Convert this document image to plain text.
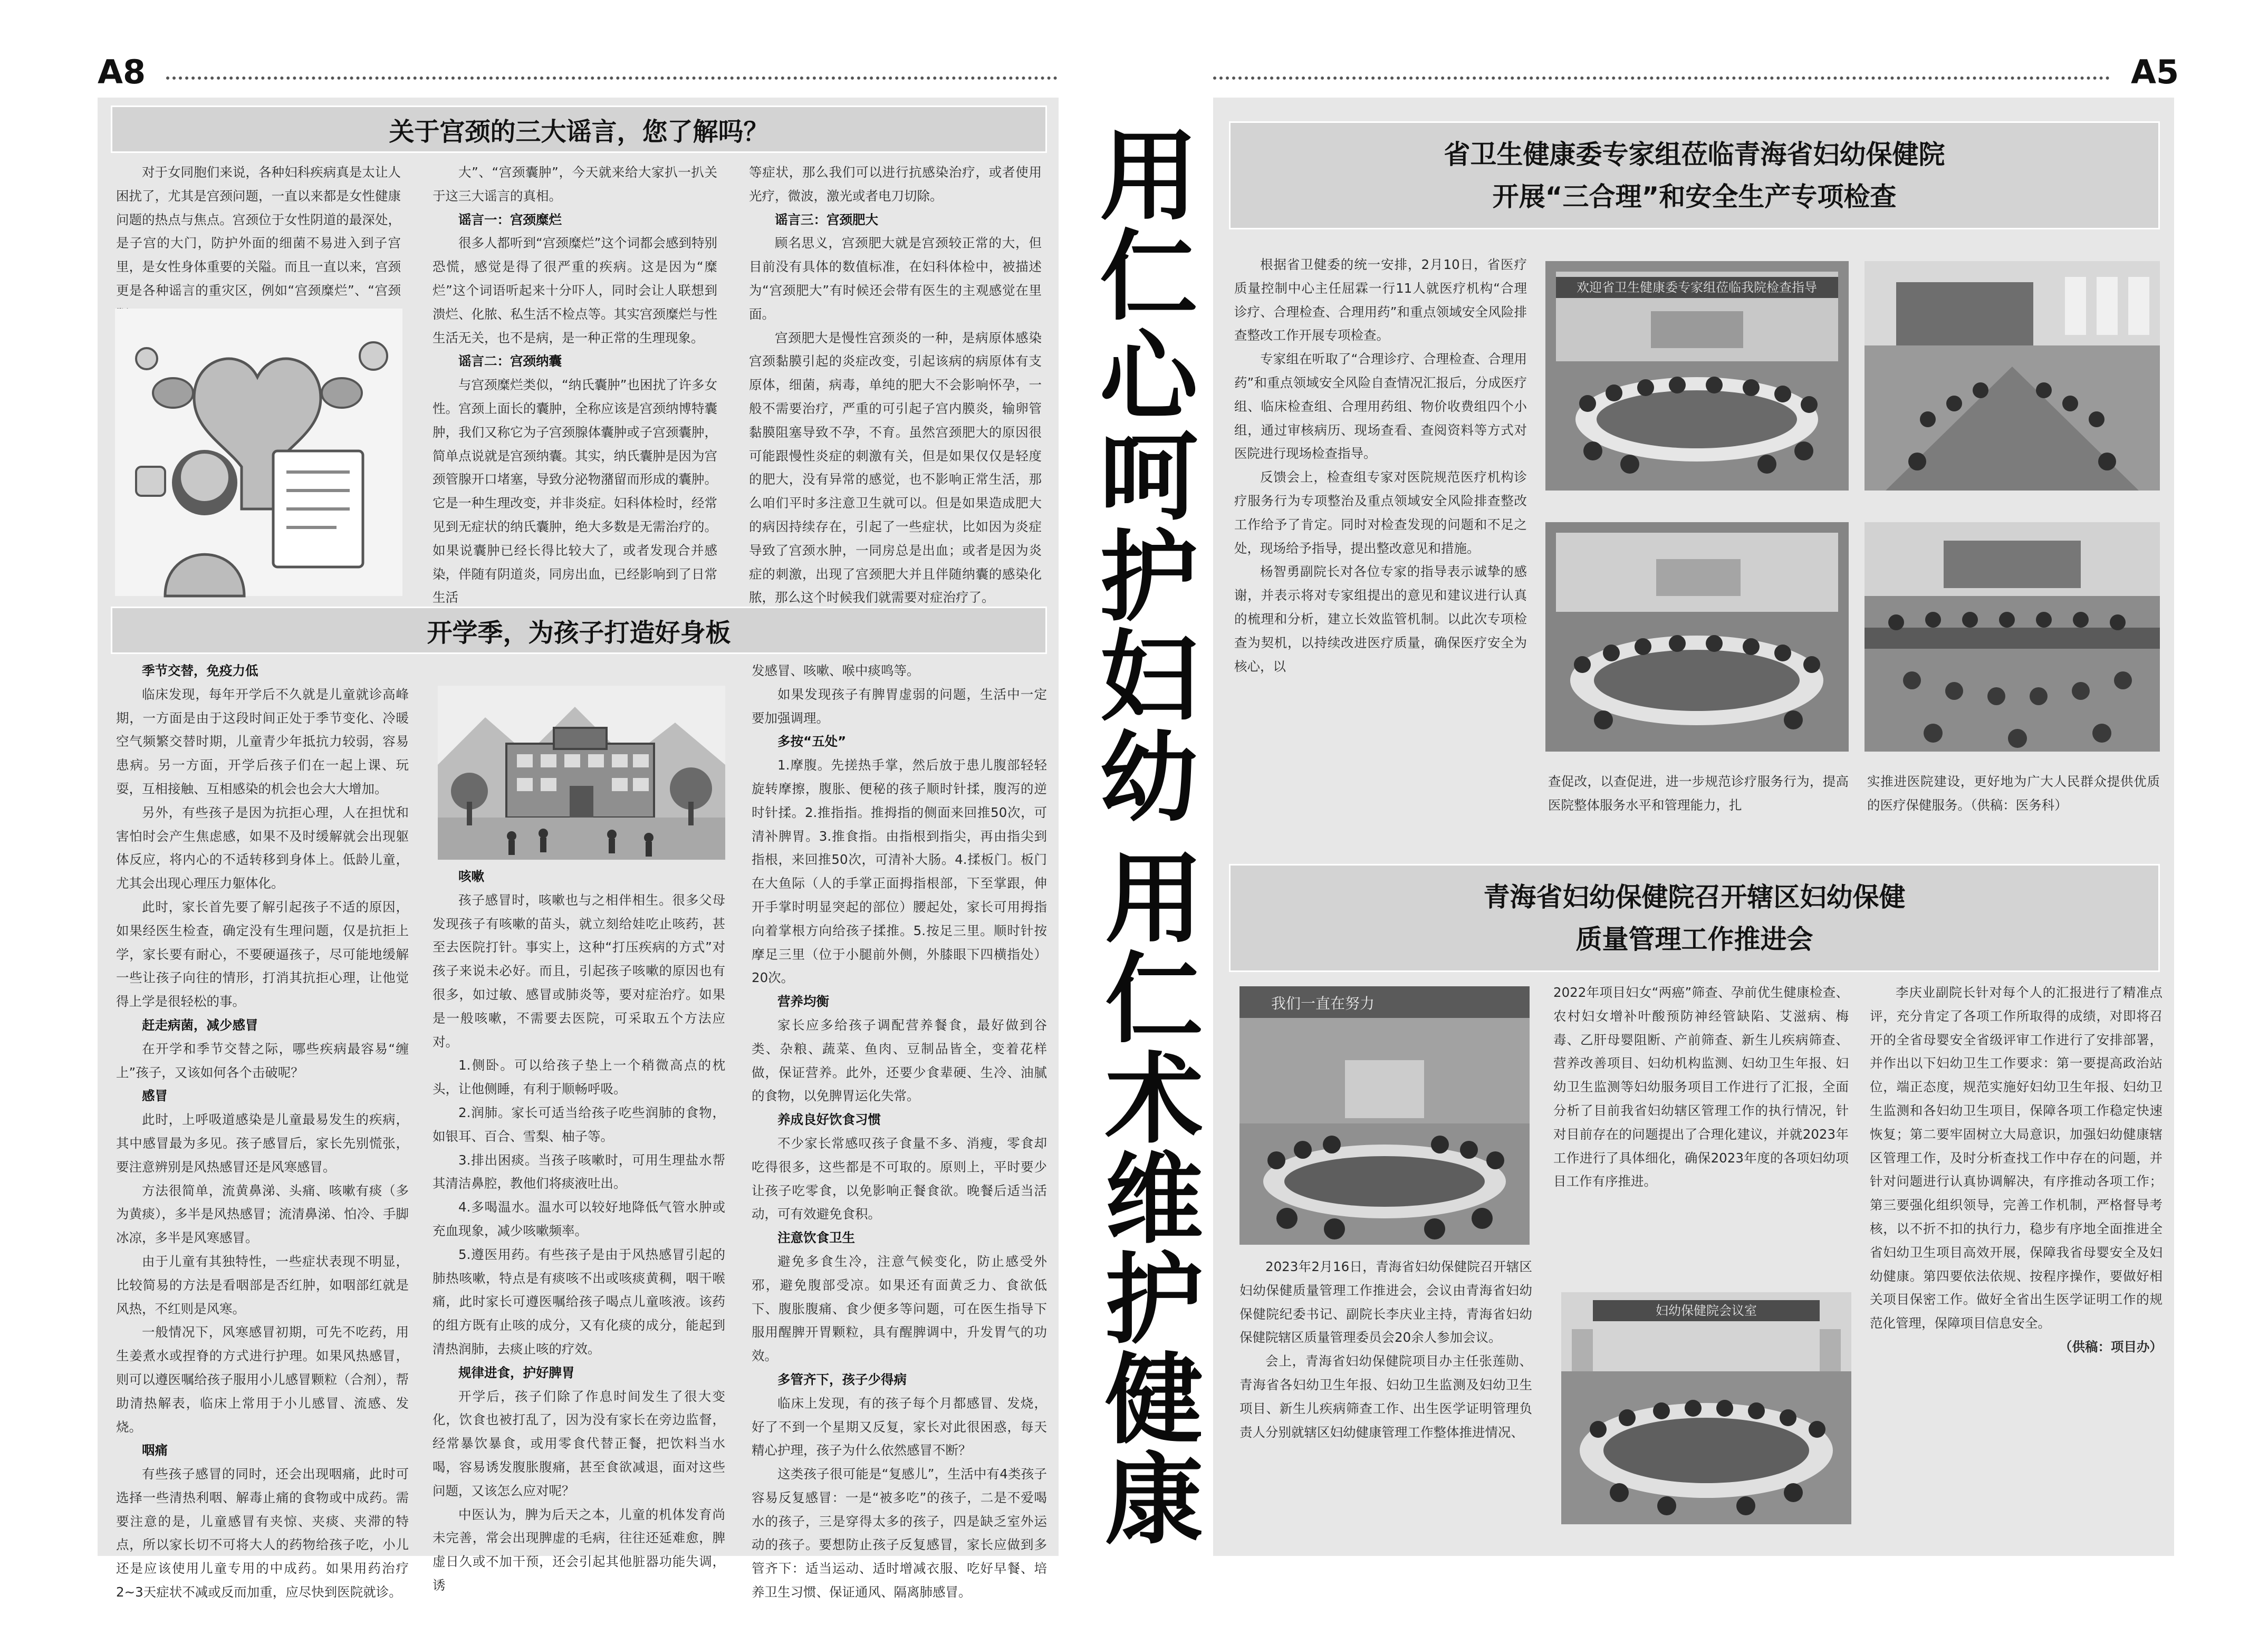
A8
关于宫颈的三大谣言，您了解吗？

对于女同胞们来说，各种妇科疾病真是太让人困扰了，尤其是宫颈问题，一直以来都是女性健康问题的热点与焦点。宫颈位于女性阴道的最深处，是子宫的大门，防护外面的细菌不易进入到子宫里，是女性身体重要的关隘。而且一直以来，宫颈更是各种谣言的重灾区，例如“宫颈糜烂”、“宫颈

大”、“宫颈囊肿”，今天就来给大家扒一扒关于这三大谣言的真相。

谣言一：宫颈糜烂

很多人都听到“宫颈糜烂”这个词都会感到特别恐慌，感觉是得了很严重的疾病。这是因为“糜烂”这个词语听起来十分吓人，同时会让人联想到溃烂、化脓、私生活不检点等。其实宫颈糜烂与性生活无关，也不是病，是一种正常的生理现象。

谣言二：宫颈纳囊

与宫颈糜烂类似，“纳氏囊肿”也困扰了许多女性。宫颈上面长的囊肿，全称应该是宫颈纳博特囊肿，我们又称它为子宫颈腺体囊肿或子宫颈囊肿，简单点说就是宫颈纳囊。其实，纳氏囊肿是因为宫颈管腺开口堵塞，导致分泌物潴留而形成的囊肿。它是一种生理改变，并非炎症。妇科体检时，经常见到无症状的纳氏囊肿，绝大多数是无需治疗的。如果说囊肿已经长得比较大了，或者发现合并感染，伴随有阴道炎，同房出血，已经影响到了日常生活

等症状，那么我们可以进行抗感染治疗，或者使用光疗，微波，激光或者电刀切除。

谣言三：宫颈肥大

顾名思义，宫颈肥大就是宫颈较正常的大，但目前没有具体的数值标准，在妇科体检中，被描述为“宫颈肥大”有时候还会带有医生的主观感觉在里面。

宫颈肥大是慢性宫颈炎的一种，是病原体感染宫颈黏膜引起的炎症改变，引起该病的病原体有支原体，细菌，病毒，单纯的肥大不会影响怀孕，一般不需要治疗，严重的可引起子宫内膜炎，输卵管黏膜阻塞导致不孕，不育。虽然宫颈肥大的原因很可能跟慢性炎症的刺激有关，但是如果仅仅是轻度的肥大，没有异常的感觉，也不影响正常生活，那么咱们平时多注意卫生就可以。但是如果造成肥大的病因持续存在，引起了一些症状，比如因为炎症导致了宫颈水肿，一同房总是出血；或者是因为炎症的刺激，出现了宫颈肥大并且伴随纳囊的感染化脓，那么这个时候我们就需要对症治疗了。

开学季，为孩子打造好身板

季节交替，免疫力低

临床发现，每年开学后不久就是儿童就诊高峰期，一方面是由于这段时间正处于季节变化、冷暖空气频繁交替时期，儿童青少年抵抗力较弱，容易患病。另一方面，开学后孩子们在一起上课、玩耍，互相接触、互相感染的机会也会大大增加。

另外，有些孩子是因为抗拒心理，人在担忧和害怕时会产生焦虑感，如果不及时缓解就会出现躯体反应，将内心的不适转移到身体上。低龄儿童，尤其会出现心理压力躯体化。

此时，家长首先要了解引起孩子不适的原因，如果经医生检查，确定没有生理问题，仅是抗拒上学，家长要有耐心，不要硬逼孩子，尽可能地缓解一些让孩子向往的情形，打消其抗拒心理，让他觉得上学是很轻松的事。

赶走病菌，减少感冒

在开学和季节交替之际，哪些疾病最容易“缠上”孩子，又该如何各个击破呢？

感冒

此时，上呼吸道感染是儿童最易发生的疾病，其中感冒最为多见。孩子感冒后，家长先别慌张，要注意辨别是风热感冒还是风寒感冒。

方法很简单，流黄鼻涕、头痛、咳嗽有痰（多为黄痰），多半是风热感冒；流清鼻涕、怕冷、手脚冰凉，多半是风寒感冒。

由于儿童有其独特性，一些症状表现不明显，比较简易的方法是看咽部是否红肿，如咽部红就是风热，不红则是风寒。

一般情况下，风寒感冒初期，可先不吃药，用生姜煮水或捏脊的方式进行护理。如果风热感冒，则可以遵医嘱给孩子服用小儿感冒颗粒（合剂），帮助清热解表，临床上常用于小儿感冒、流感、发烧。

咽痛

有些孩子感冒的同时，还会出现咽痛，此时可选择一些清热利咽、解毒止痛的食物或中成药。需要注意的是，儿童感冒有夹惊、夹痰、夹滞的特点，所以家长切不可将大人的药物给孩子吃，小儿还是应该使用儿童专用的中成药。如果用药治疗2~3天症状不减或反而加重，应尽快到医院就诊。

咳嗽

孩子感冒时，咳嗽也与之相伴相生。很多父母发现孩子有咳嗽的苗头，就立刻给娃吃止咳药，甚至去医院打针。事实上，这种“打压疾病的方式”对孩子来说未必好。而且，引起孩子咳嗽的原因也有很多，如过敏、感冒或肺炎等，要对症治疗。如果是一般咳嗽，不需要去医院，可采取五个方法应对。

1.侧卧。可以给孩子垫上一个稍微高点的枕头，让他侧睡，有利于顺畅呼吸。

2.润肺。家长可适当给孩子吃些润肺的食物，如银耳、百合、雪梨、柚子等。

3.排出困痰。当孩子咳嗽时，可用生理盐水帮其清洁鼻腔，教他们将痰液吐出。

4.多喝温水。温水可以较好地降低气管水肿或充血现象，减少咳嗽频率。

5.遵医用药。有些孩子是由于风热感冒引起的肺热咳嗽，特点是有痰咳不出或咳痰黄稠，咽干喉痛，此时家长可遵医嘱给孩子喝点儿童咳液。该药的组方既有止咳的成分，又有化痰的成分，能起到清热润肺，去痰止咳的疗效。

规律进食，护好脾胃

开学后，孩子们除了作息时间发生了很大变化，饮食也被打乱了，因为没有家长在旁边监督，经常暴饮暴食，或用零食代替正餐，把饮料当水喝，容易诱发腹胀腹痛，甚至食欲减退，面对这些问题，又该怎么应对呢？

中医认为，脾为后天之本，儿童的机体发育尚未完善，常会出现脾虚的毛病，往往还延难愈，脾虚日久或不加干预，还会引起其他脏器功能失调，诱

发感冒、咳嗽、喉中痰鸣等。

如果发现孩子有脾胃虚弱的问题，生活中一定要加强调理。

多按“五处”

1.摩腹。先搓热手掌，然后放于患儿腹部轻轻旋转摩擦，腹胀、便秘的孩子顺时针揉，腹泻的逆时针揉。2.推指指。推拇指的侧面来回推50次，可清补脾胃。3.推食指。由指根到指尖，再由指尖到指根，来回推50次，可清补大肠。4.揉板门。板门在大鱼际（人的手掌正面拇指根部，下至掌跟，伸开手掌时明显突起的部位）腰起处，家长可用拇指向着掌根方向给孩子揉推。5.按足三里。顺时针按摩足三里（位于小腿前外侧，外膝眼下四横指处）20次。

营养均衡

家长应多给孩子调配营养餐食，最好做到谷类、杂粮、蔬菜、鱼肉、豆制品皆全，变着花样做，保证营养。此外，还要少食辈硬、生冷、油腻的食物，以免脾胃运化失常。

养成良好饮食习惯

不少家长常感叹孩子食量不多、消瘦，零食却吃得很多，这些都是不可取的。原则上，平时要少让孩子吃零食，以免影响正餐食欲。晚餐后适当活动，可有效避免食积。

注意饮食卫生

避免多食生冷，注意气候变化，防止感受外邪，避免腹部受凉。如果还有面黄乏力、食欲低下、腹胀腹痛、食少便多等问题，可在医生指导下服用醒脾开胃颗粒，具有醒脾调中，升发胃气的功效。

多管齐下，孩子少得病

临床上发现，有的孩子每个月都感冒、发烧，好了不到一个星期又反复，家长对此很困惑，每天精心护理，孩子为什么依然感冒不断？

这类孩子很可能是“复感儿”，生活中有4类孩子容易反复感冒：一是“被多吃”的孩子，二是不爱喝水的孩子，三是穿得太多的孩子，四是缺乏室外运动的孩子。要想防止孩子反复感冒，家长应做到多管齐下：适当运动、适时增减衣服、吃好早餐、培养卫生习惯、保证通风、隔离肺感冒。

用
仁
心
呵
护
妇
幼
用
仁
术
维
护
健
康
A5
省卫生健康委专家组莅临青海省妇幼保健院
开展“三合理”和安全生产专项检查

根据省卫健委的统一安排，2月10日，省医疗质量控制中心主任屈霖一行11人就医疗机构“合理诊疗、合理检查、合理用药”和重点领域安全风险排查整改工作开展专项检查。

专家组在听取了“合理诊疗、合理检查、合理用药”和重点领域安全风险自查情况汇报后，分成医疗组、临床检查组、合理用药组、物价收费组四个小组，通过审核病历、现场查看、查阅资料等方式对医院进行现场检查指导。

反馈会上，检查组专家对医院规范医疗机构诊疗服务行为专项整治及重点领域安全风险排查整改工作给予了肯定。同时对检查发现的问题和不足之处，现场给予指导，提出整改意见和措施。

杨智勇副院长对各位专家的指导表示诚挚的感谢，并表示将对专家组提出的意见和建议进行认真的梳理和分析，建立长效监管机制。以此次专项检查为契机，以持续改进医疗质量，确保医疗安全为核心，以

欢迎省卫生健康委专家组莅临我院检查指导

查促改，以查促进，进一步规范诊疗服务行为，提高医院整体服务水平和管理能力，扎

实推进医院建设，更好地为广大人民群众提供优质的医疗保健服务。（供稿：医务科）

青海省妇幼保健院召开辖区妇幼保健
质量管理工作推进会
我们一直在努力

2023年2月16日，青海省妇幼保健院召开辖区妇幼保健质量管理工作推进会，会议由青海省妇幼保健院纪委书记、副院长李庆业主持，青海省妇幼保健院辖区质量管理委员会20余人参加会议。

会上，青海省妇幼保健院项目办主任张莲勋、青海省各妇幼卫生年报、妇幼卫生监测及妇幼卫生项目、新生儿疾病筛查工作、出生医学证明管理负责人分别就辖区妇幼健康管理工作整体推进情况、

2022年项目妇女“两癌”筛查、孕前优生健康检查、农村妇女增补叶酸预防神经管缺陷、艾滋病、梅毒、乙肝母婴阻断、产前筛查、新生儿疾病筛查、营养改善项目、妇幼机构监测、妇幼卫生年报、妇幼卫生监测等妇幼服务项目工作进行了汇报，全面分析了目前我省妇幼辖区管理工作的执行情况，针对目前存在的问题提出了合理化建议，并就2023年工作进行了具体细化，确保2023年度的各项妇幼项目工作有序推进。

妇幼保健院会议室

李庆业副院长针对每个人的汇报进行了精准点评，充分肯定了各项工作所取得的成绩，对即将召开的全省母婴安全省级评审工作进行了安排部署，并作出以下妇幼卫生工作要求：第一要提高政治站位，端正态度，规范实施好妇幼卫生年报、妇幼卫生监测和各妇幼卫生项目，保障各项工作稳定快速恢复；第二要牢固树立大局意识，加强妇幼健康辖区管理工作，及时分析查找工作中存在的问题，并针对问题进行认真协调解决，有序推动各项工作；第三要强化组织领导，完善工作机制，严格督导考核，以不折不扣的执行力，稳步有序地全面推进全省妇幼卫生项目高效开展，保障我省母婴安全及妇幼健康。第四要依法依规、按程序操作，要做好相关项目保密工作。做好全省出生医学证明工作的规范化管理，保障项目信息安全。

（供稿：项目办）
